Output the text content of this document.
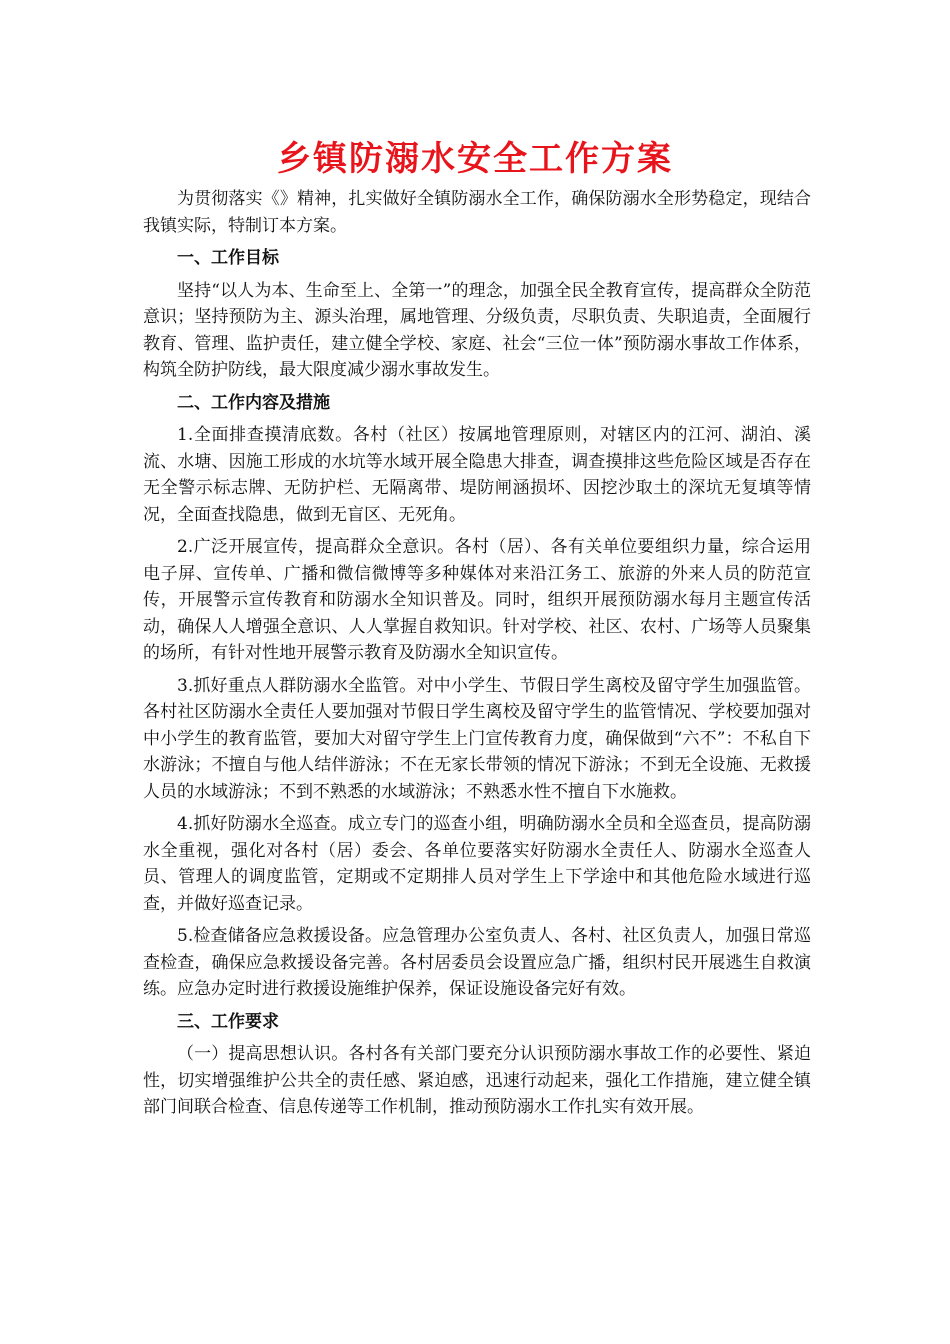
乡镇防溺水安全工作方案

为贯彻落实《》精神，扎实做好全镇防溺水全工作，确保防溺水全形势稳定，现结合我镇实际，特制订本方案。

一、工作目标

坚持“以人为本、生命至上、全第一”的理念，加强全民全教育宣传，提高群众全防范意识；坚持预防为主、源头治理，属地管理、分级负责，尽职负责、失职追责，全面履行教育、管理、监护责任，建立健全学校、家庭、社会“三位一体”预防溺水事故工作体系，构筑全防护防线，最大限度减少溺水事故发生。

二、工作内容及措施

1.全面排查摸清底数。各村（社区）按属地管理原则，对辖区内的江河、湖泊、溪流、水塘、因施工形成的水坑等水域开展全隐患大排查，调查摸排这些危险区域是否存在无全警示标志牌、无防护栏、无隔离带、堤防闸涵损坏、因挖沙取土的深坑无复填等情况，全面查找隐患，做到无盲区、无死角。

2.广泛开展宣传，提高群众全意识。各村（居）、各有关单位要组织力量，综合运用电子屏、宣传单、广播和微信微博等多种媒体对来沿江务工、旅游的外来人员的防范宣传，开展警示宣传教育和防溺水全知识普及。同时，组织开展预防溺水每月主题宣传活动，确保人人增强全意识、人人掌握自救知识。针对学校、社区、农村、广场等人员聚集的场所，有针对性地开展警示教育及防溺水全知识宣传。

3.抓好重点人群防溺水全监管。对中小学生、节假日学生离校及留守学生加强监管。各村社区防溺水全责任人要加强对节假日学生离校及留守学生的监管情况、学校要加强对中小学生的教育监管，要加大对留守学生上门宣传教育力度，确保做到“六不”：不私自下水游泳；不擅自与他人结伴游泳；不在无家长带领的情况下游泳；不到无全设施、无救援人员的水域游泳；不到不熟悉的水域游泳；不熟悉水性不擅自下水施救。

4.抓好防溺水全巡查。成立专门的巡查小组，明确防溺水全员和全巡查员，提高防溺水全重视，强化对各村（居）委会、各单位要落实好防溺水全责任人、防溺水全巡查人员、管理人的调度监管，定期或不定期排人员对学生上下学途中和其他危险水域进行巡查，并做好巡查记录。

5.检查储备应急救援设备。应急管理办公室负责人、各村、社区负责人，加强日常巡查检查，确保应急救援设备完善。各村居委员会设置应急广播，组织村民开展逃生自救演练。应急办定时进行救援设施维护保养，保证设施设备完好有效。

三、工作要求

（一）提高思想认识。各村各有关部门要充分认识预防溺水事故工作的必要性、紧迫性，切实增强维护公共全的责任感、紧迫感，迅速行动起来，强化工作措施，建立健全镇部门间联合检查、信息传递等工作机制，推动预防溺水工作扎实有效开展。
